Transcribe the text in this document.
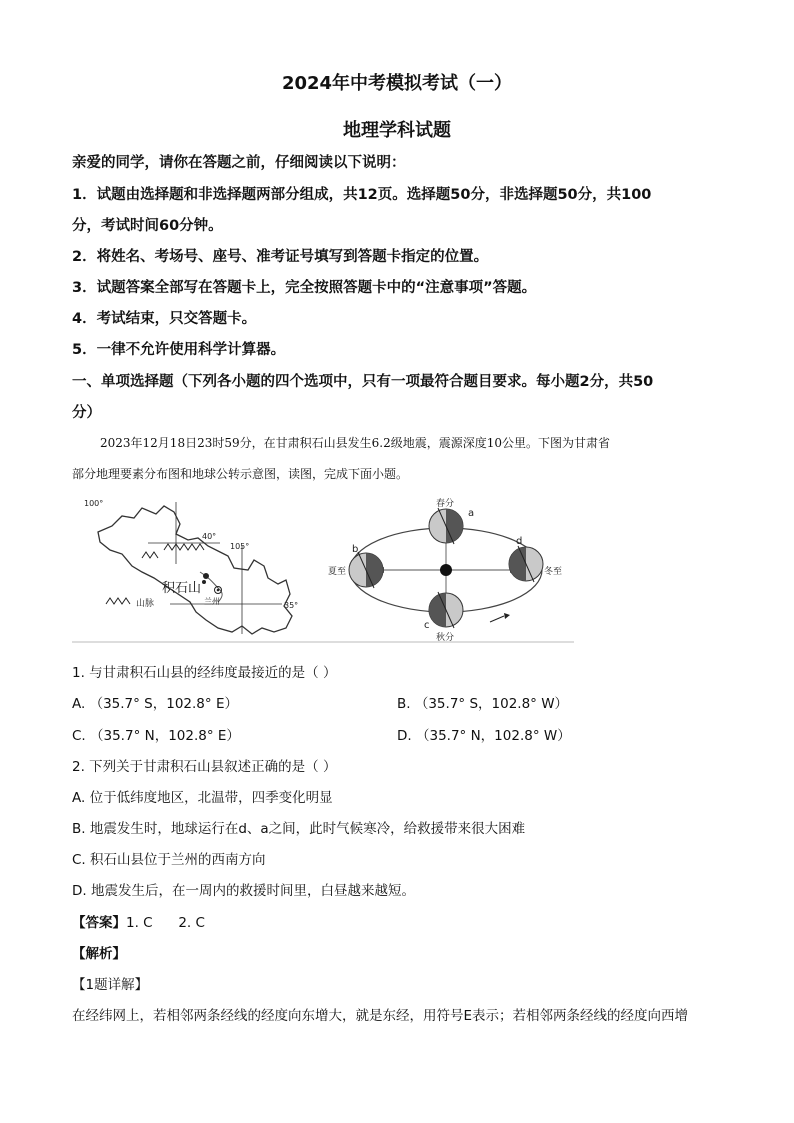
2024年中考模拟考试（一）
地理学科试题
亲爱的同学，请你在答题之前，仔细阅读以下说明：
1．试题由选择题和非选择题两部分组成，共12页。选择题50分，非选择题50分，共100
分，考试时间60分钟。
2．将姓名、考场号、座号、准考证号填写到答题卡指定的位置。
3．试题答案全部写在答题卡上，完全按照答题卡中的“注意事项”答题。
4．考试结束，只交答题卡。
5．一律不允许使用科学计算器。
一、单项选择题（下列各小题的四个选项中，只有一项最符合题目要求。每小题2分，共50
分）
2023年12月18日23时59分，在甘肃积石山县发生6.2级地震，震源深度10公里。下图为甘肃省
部分地理要素分布图和地球公转示意图，读图，完成下面小题。
100°
40°
105°
35°
积石山
兰州
山脉
春分
夏至	冬至
秋分
a
b
c
d
1. 与甘肃积石山县的经纬度最接近的是（ ）
A. （35.7° S，102.8° E）	B. （35.7° S，102.8° W）
C. （35.7° N，102.8° E）	D. （35.7° N，102.8° W）
2. 下列关于甘肃积石山县叙述正确的是（ ）
A. 位于低纬度地区，北温带，四季变化明显
B. 地震发生时，地球运行在d、a之间，此时气候寒冷，给救援带来很大困难
C. 积石山县位于兰州的西南方向
D. 地震发生后，在一周内的救援时间里，白昼越来越短。
【答案】1. C      2. C
【解析】
【1题详解】
在经纬网上，若相邻两条经线的经度向东增大，就是东经，用符号E表示；若相邻两条经线的经度向西增
